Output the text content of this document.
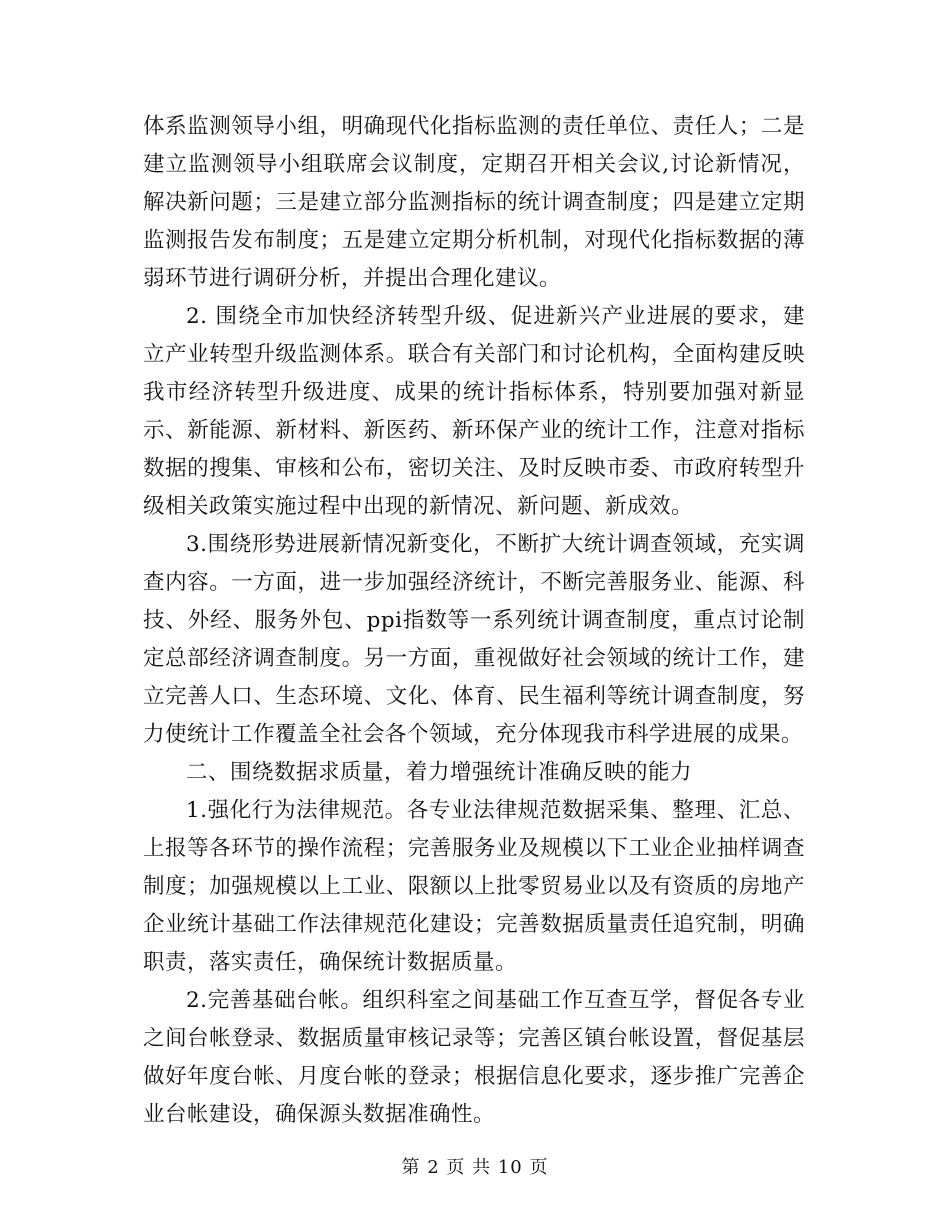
体系监测领导小组，明确现代化指标监测的责任单位、责任人；二是建立监测领导小组联席会议制度，定期召开相关会议,讨论新情况，解决新问题；三是建立部分监测指标的统计调查制度；四是建立定期监测报告发布制度；五是建立定期分析机制，对现代化指标数据的薄弱环节进行调研分析，并提出合理化建议。

2. 围绕全市加快经济转型升级、促进新兴产业进展的要求，建立产业转型升级监测体系。联合有关部门和讨论机构，全面构建反映我市经济转型升级进度、成果的统计指标体系，特别要加强对新显示、新能源、新材料、新医药、新环保产业的统计工作，注意对指标数据的搜集、审核和公布，密切关注、及时反映市委、市政府转型升级相关政策实施过程中出现的新情况、新问题、新成效。

3.围绕形势进展新情况新变化，不断扩大统计调查领域，充实调查内容。一方面，进一步加强经济统计，不断完善服务业、能源、科技、外经、服务外包、ppi指数等一系列统计调查制度，重点讨论制定总部经济调查制度。另一方面，重视做好社会领域的统计工作，建立完善人口、生态环境、文化、体育、民生福利等统计调查制度，努力使统计工作覆盖全社会各个领域，充分体现我市科学进展的成果。

二、围绕数据求质量，着力增强统计准确反映的能力

1.强化行为法律规范。各专业法律规范数据采集、整理、汇总、上报等各环节的操作流程；完善服务业及规模以下工业企业抽样调查制度；加强规模以上工业、限额以上批零贸易业以及有资质的房地产企业统计基础工作法律规范化建设；完善数据质量责任追究制，明确职责，落实责任，确保统计数据质量。

2.完善基础台帐。组织科室之间基础工作互查互学，督促各专业之间台帐登录、数据质量审核记录等；完善区镇台帐设置，督促基层做好年度台帐、月度台帐的登录；根据信息化要求，逐步推广完善企业台帐建设，确保源头数据准确性。

第 2 页 共 10 页
